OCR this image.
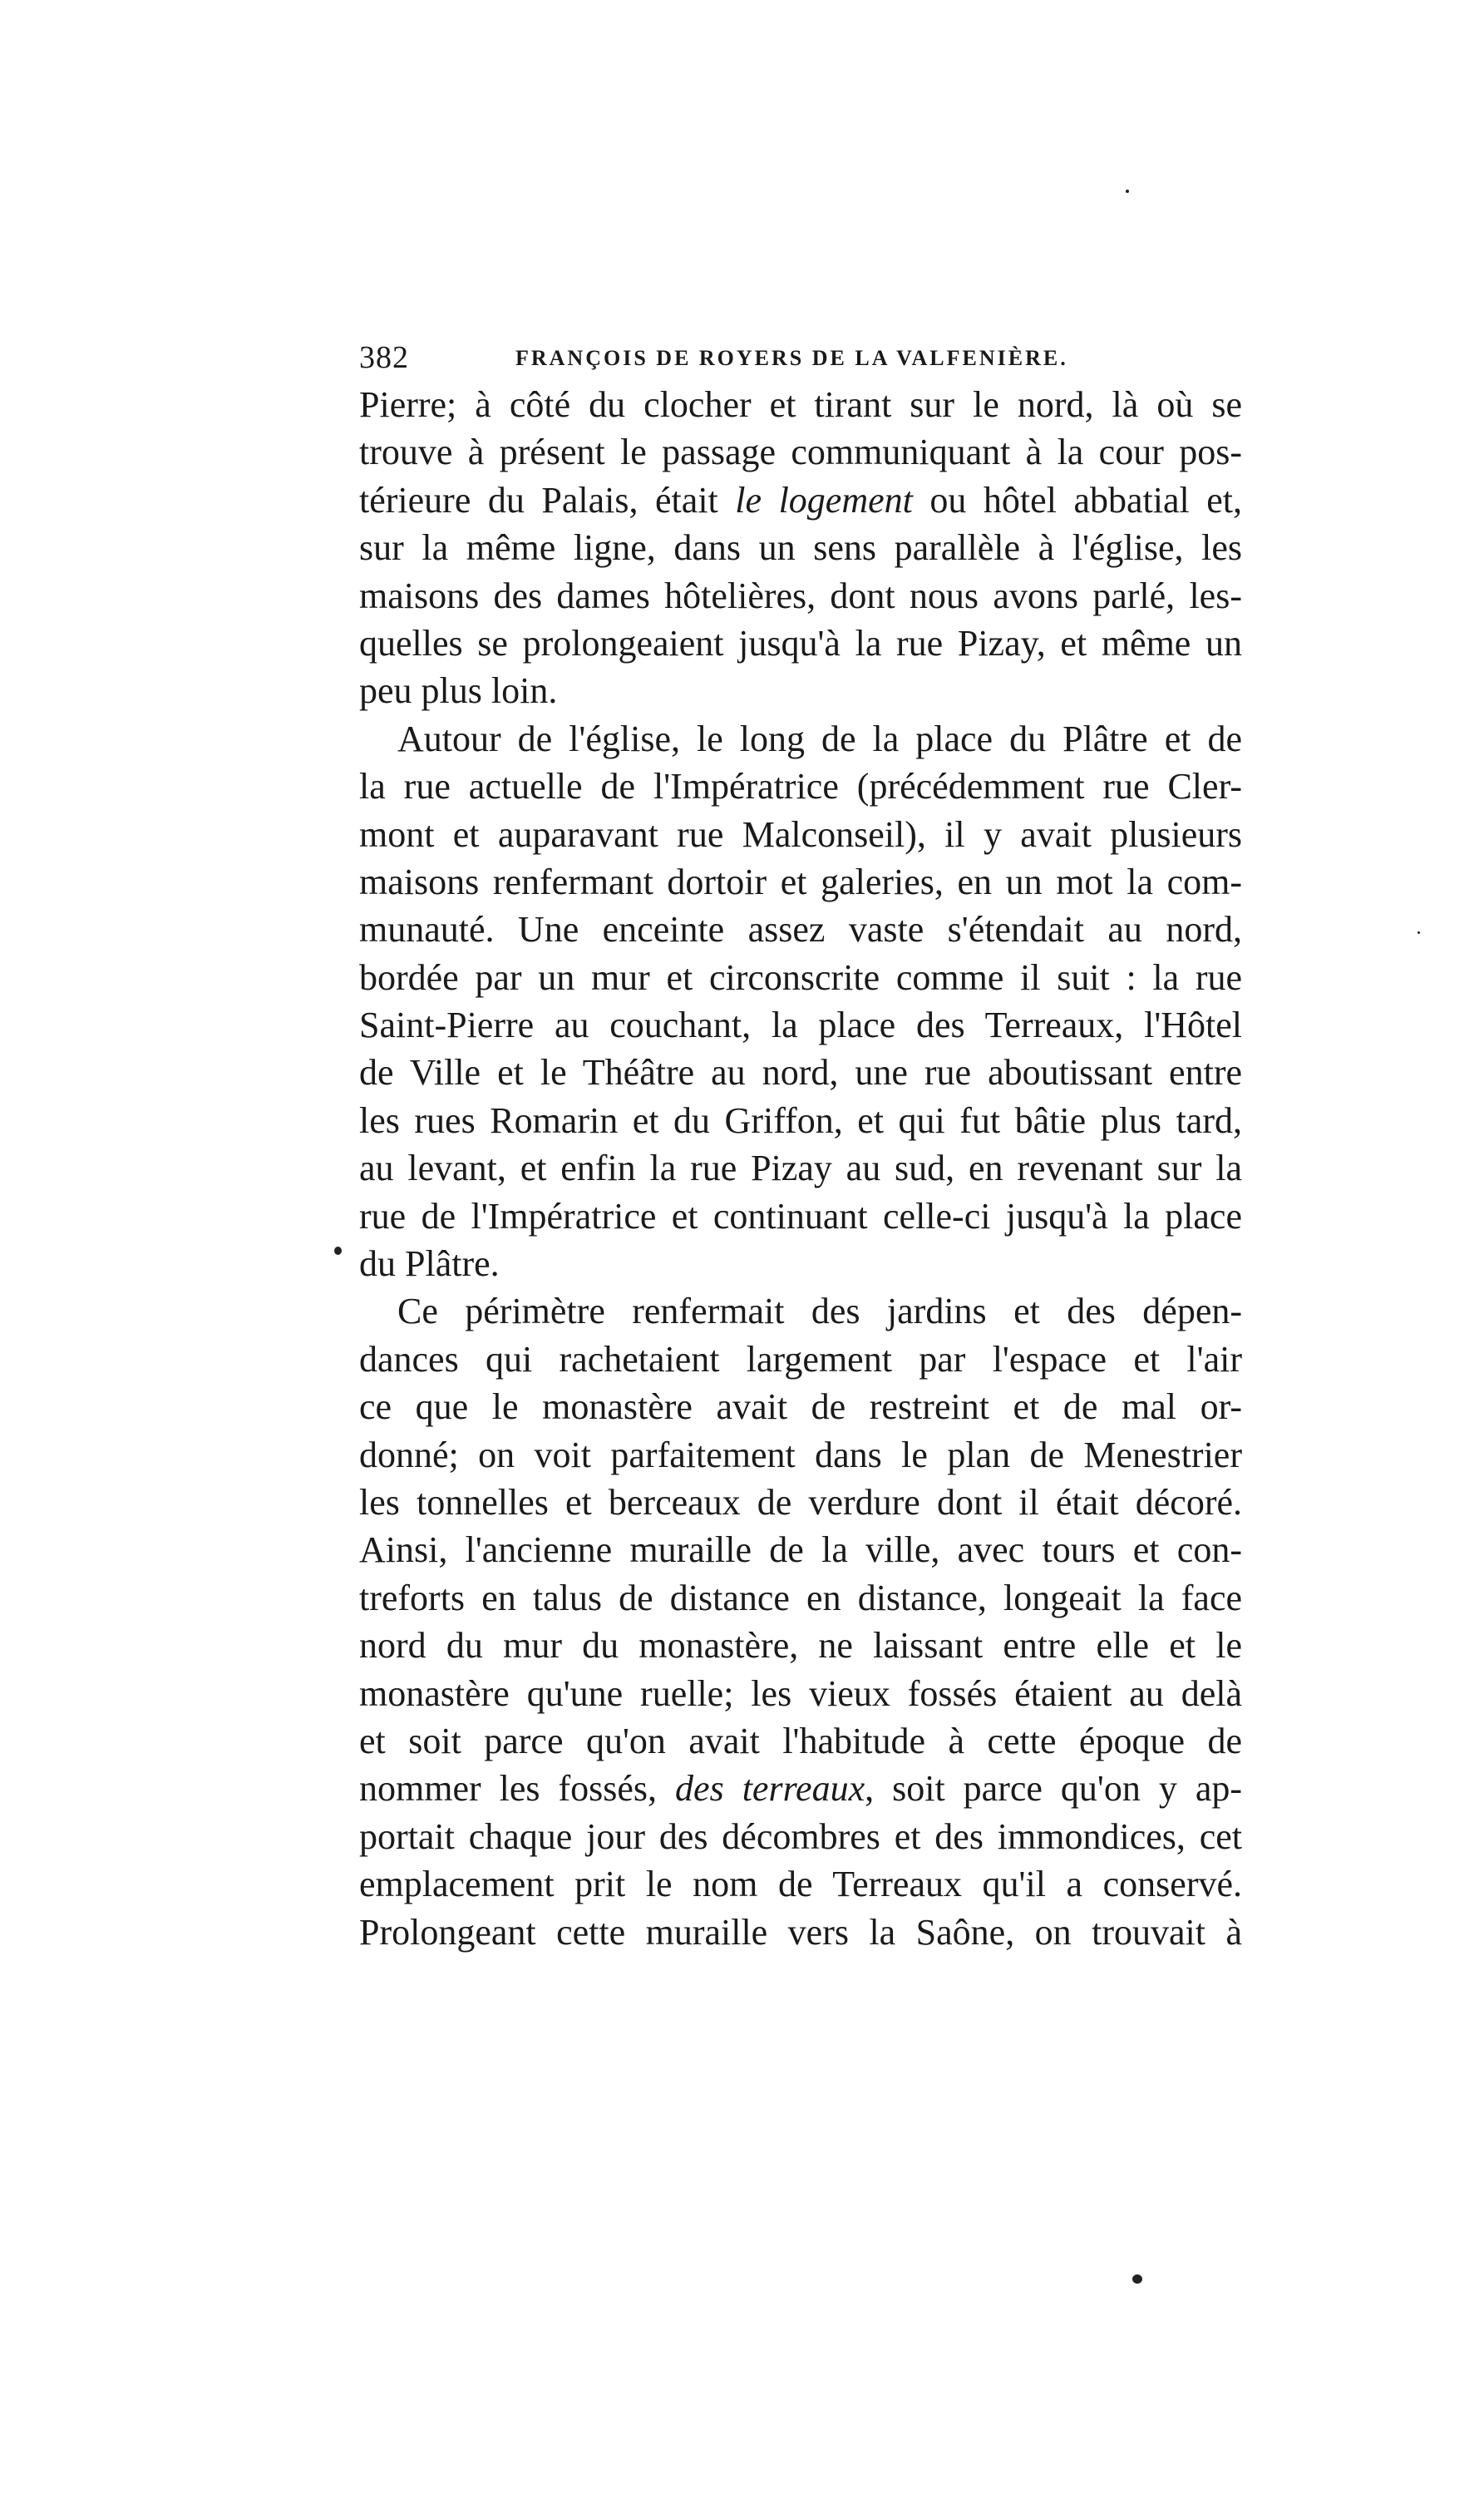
382	FRANÇOIS DE ROYERS DE LA VALFENIÈRE.
Pierre; à côté du clocher et tirant sur le nord, là où se
trouve à présent le passage communiquant à la cour pos-
térieure du Palais, était le logement ou hôtel abbatial et,
sur la même ligne, dans un sens parallèle à l'église, les
maisons des dames hôtelières, dont nous avons parlé, les-
quelles se prolongeaient jusqu'à la rue Pizay, et même un
peu plus loin.
Autour de l'église, le long de la place du Plâtre et de
la rue actuelle de l'Impératrice (précédemment rue Cler-
mont et auparavant rue Malconseil), il y avait plusieurs
maisons renfermant dortoir et galeries, en un mot la com-
munauté. Une enceinte assez vaste s'étendait au nord,
bordée par un mur et circonscrite comme il suit : la rue
Saint-Pierre au couchant, la place des Terreaux, l'Hôtel
de Ville et le Théâtre au nord, une rue aboutissant entre
les rues Romarin et du Griffon, et qui fut bâtie plus tard,
au levant, et enfin la rue Pizay au sud, en revenant sur la
rue de l'Impératrice et continuant celle-ci jusqu'à la place
du Plâtre.
Ce périmètre renfermait des jardins et des dépen-
dances qui rachetaient largement par l'espace et l'air
ce que le monastère avait de restreint et de mal or-
donné; on voit parfaitement dans le plan de Menestrier
les tonnelles et berceaux de verdure dont il était décoré.
Ainsi, l'ancienne muraille de la ville, avec tours et con-
treforts en talus de distance en distance, longeait la face
nord du mur du monastère, ne laissant entre elle et le
monastère qu'une ruelle; les vieux fossés étaient au delà
et soit parce qu'on avait l'habitude à cette époque de
nommer les fossés, des terreaux, soit parce qu'on y ap-
portait chaque jour des décombres et des immondices, cet
emplacement prit le nom de Terreaux qu'il a conservé.
Prolongeant cette muraille vers la Saône, on trouvait à
